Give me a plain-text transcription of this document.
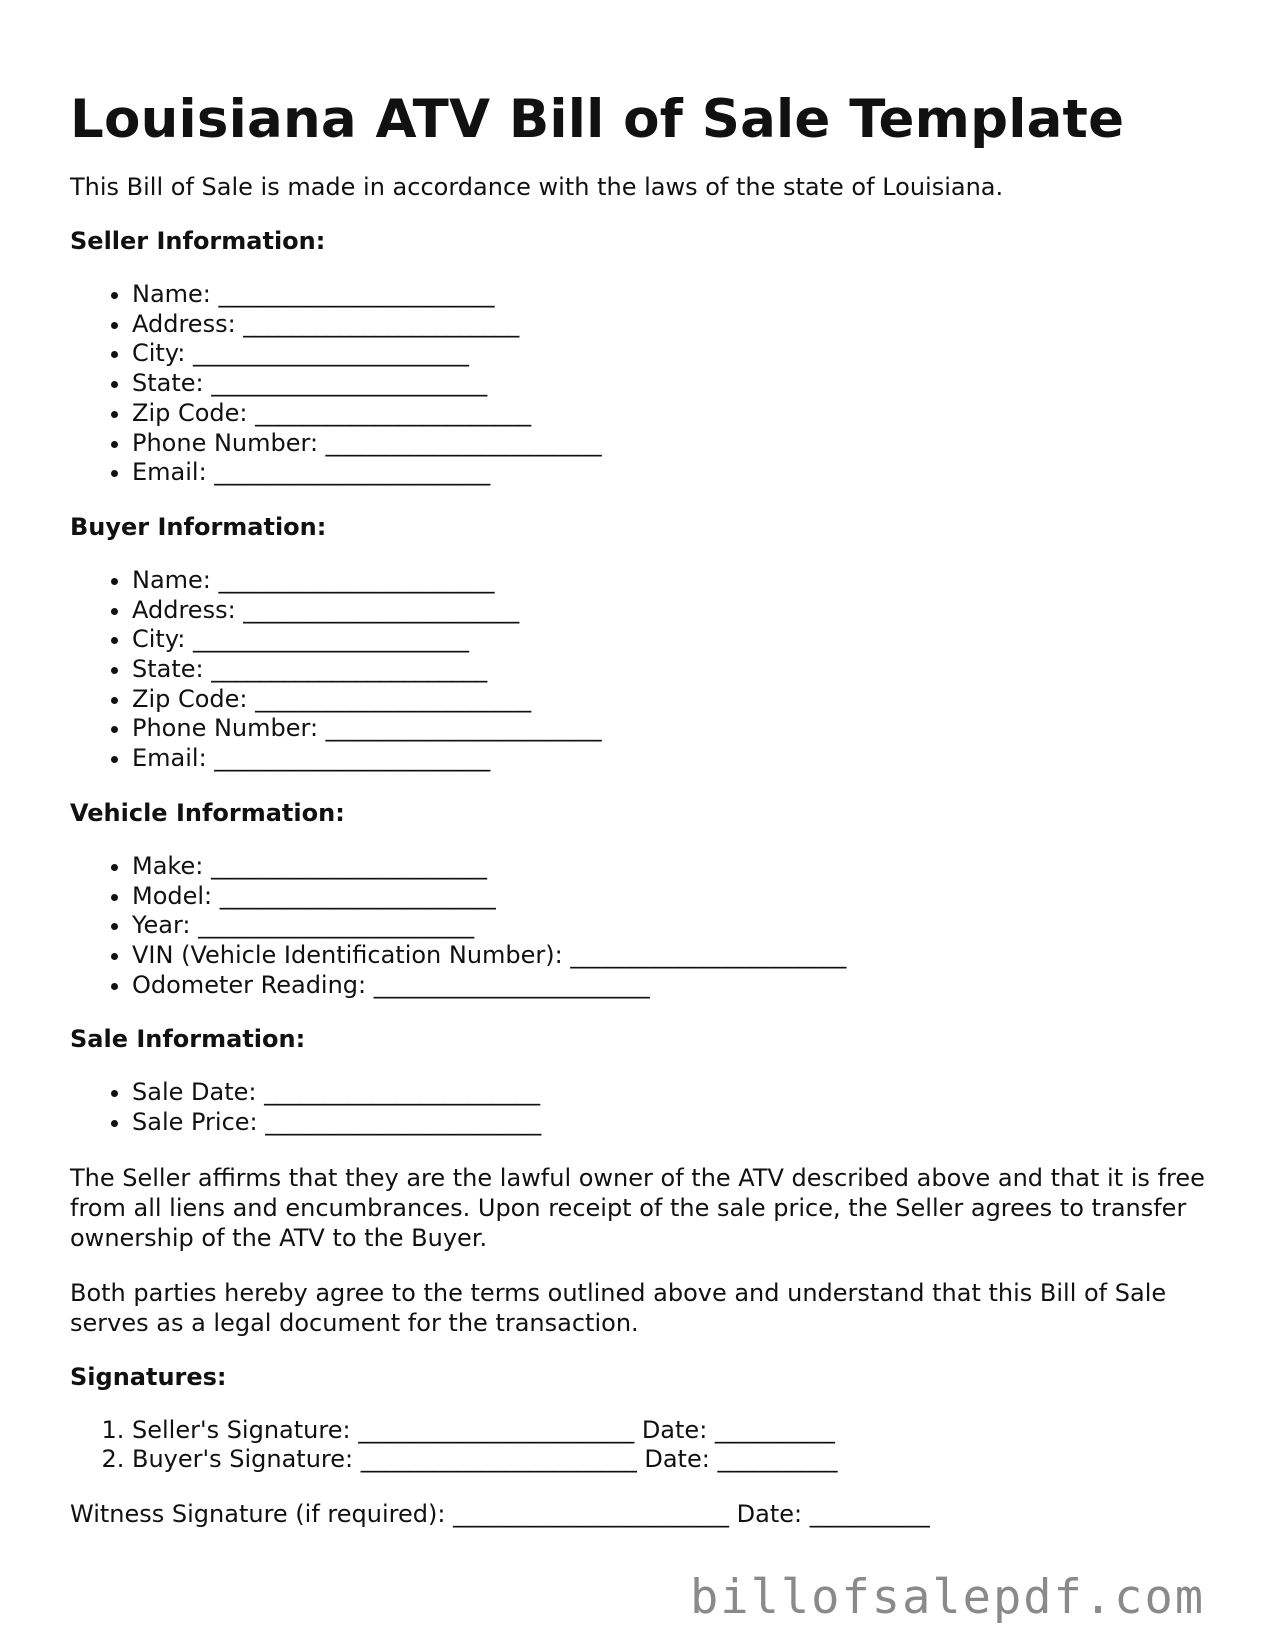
Louisiana ATV Bill of Sale Template

This Bill of Sale is made in accordance with the laws of the state of Louisiana.

Seller Information:
• Name: _______________________
• Address: _______________________
• City: _______________________
• State: _______________________
• Zip Code: _______________________
• Phone Number: _______________________
• Email: _______________________
Buyer Information:
• Name: _______________________
• Address: _______________________
• City: _______________________
• State: _______________________
• Zip Code: _______________________
• Phone Number: _______________________
• Email: _______________________
Vehicle Information:
• Make: _______________________
• Model: _______________________
• Year: _______________________
• VIN (Vehicle Identification Number): _______________________
• Odometer Reading: _______________________
Sale Information:
• Sale Date: _______________________
• Sale Price: _______________________

The Seller affirms that they are the lawful owner of the ATV described above and that it is free from all liens and encumbrances. Upon receipt of the sale price, the Seller agrees to transfer ownership of the ATV to the Buyer.

Both parties hereby agree to the terms outlined above and understand that this Bill of Sale serves as a legal document for the transaction.

Signatures:
1. Seller's Signature: _______________________ Date: __________
2. Buyer's Signature: _______________________ Date: __________

Witness Signature (if required): _______________________ Date: __________

billofsalepdf.com
